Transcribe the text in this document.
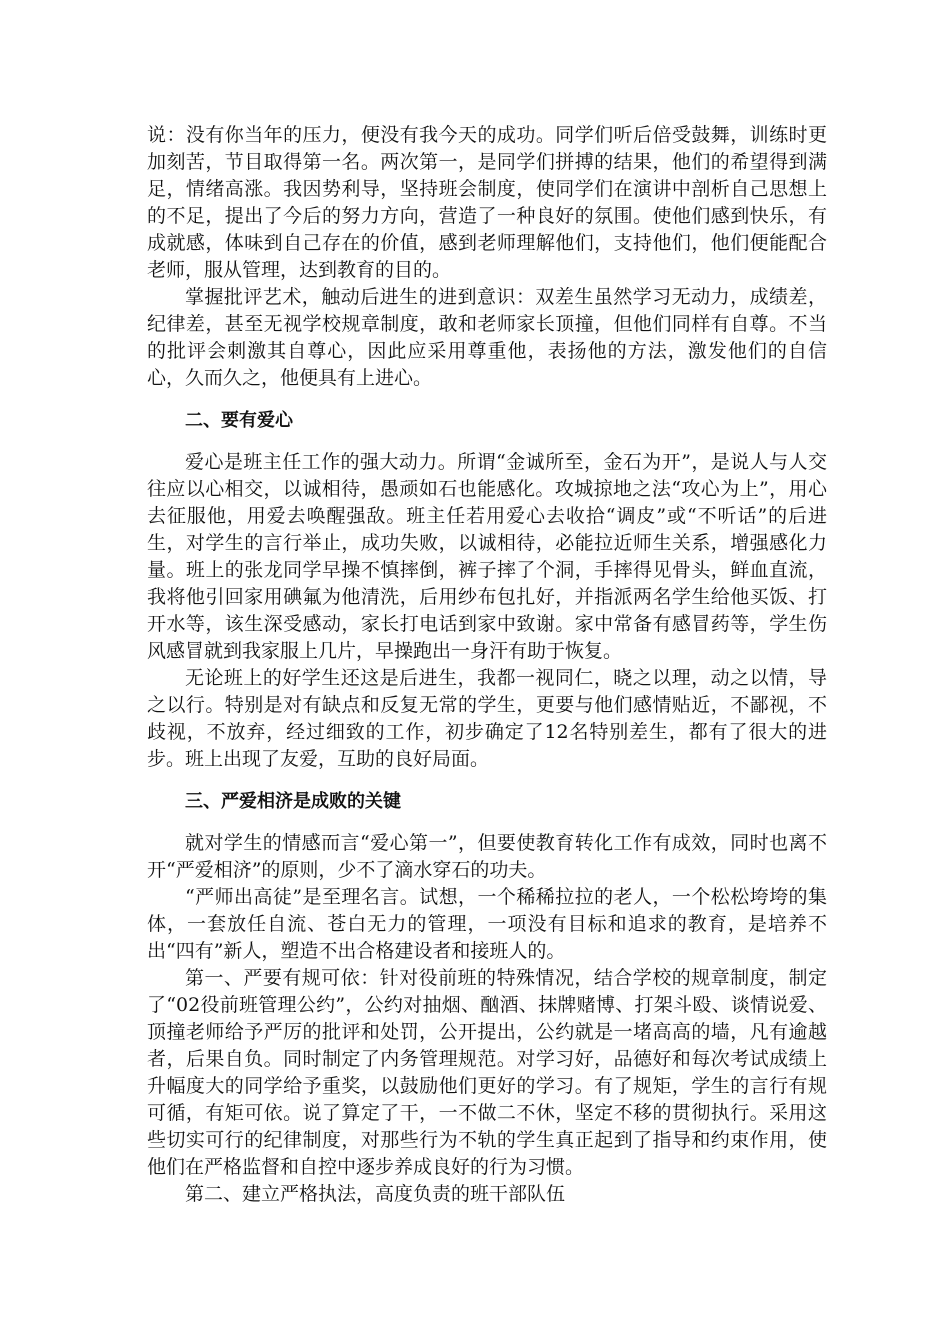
说：没有你当年的压力，便没有我今天的成功。同学们听后倍受鼓舞，训练时更加刻苦，节目取得第一名。两次第一，是同学们拼搏的结果，他们的希望得到满足，情绪高涨。我因势利导，坚持班会制度，使同学们在演讲中剖析自己思想上的不足，提出了今后的努力方向，营造了一种良好的氛围。使他们感到快乐，有成就感，体味到自己存在的价值，感到老师理解他们，支持他们，他们便能配合老师，服从管理，达到教育的目的。

掌握批评艺术，触动后进生的进到意识：双差生虽然学习无动力，成绩差，纪律差，甚至无视学校规章制度，敢和老师家长顶撞，但他们同样有自尊。不当的批评会刺激其自尊心，因此应采用尊重他，表扬他的方法，激发他们的自信心，久而久之，他便具有上进心。

二、要有爱心

爱心是班主任工作的强大动力。所谓“金诚所至，金石为开”，是说人与人交往应以心相交，以诚相待，愚顽如石也能感化。攻城掠地之法“攻心为上”，用心去征服他，用爱去唤醒强敌。班主任若用爱心去收拾“调皮”或“不听话”的后进生，对学生的言行举止，成功失败，以诚相待，必能拉近师生关系，增强感化力量。班上的张龙同学早操不慎摔倒，裤子摔了个洞，手摔得见骨头，鲜血直流，我将他引回家用碘氟为他清洗，后用纱布包扎好，并指派两名学生给他买饭、打开水等，该生深受感动，家长打电话到家中致谢。家中常备有感冒药等，学生伤风感冒就到我家服上几片，早操跑出一身汗有助于恢复。

无论班上的好学生还这是后进生，我都一视同仁，晓之以理，动之以情，导之以行。特别是对有缺点和反复无常的学生，更要与他们感情贴近，不鄙视，不歧视，不放弃，经过细致的工作，初步确定了12名特别差生，都有了很大的进步。班上出现了友爱，互助的良好局面。

三、严爱相济是成败的关键

就对学生的情感而言“爱心第一”，但要使教育转化工作有成效，同时也离不开“严爱相济”的原则，少不了滴水穿石的功夫。

“严师出高徒”是至理名言。试想，一个稀稀拉拉的老人，一个松松垮垮的集体，一套放任自流、苍白无力的管理，一项没有目标和追求的教育，是培养不出“四有”新人，塑造不出合格建设者和接班人的。

第一、严要有规可依：针对役前班的特殊情况，结合学校的规章制度，制定了“02役前班管理公约”，公约对抽烟、酗酒、抹牌赌博、打架斗殴、谈情说爱、顶撞老师给予严厉的批评和处罚，公开提出，公约就是一堵高高的墙，凡有逾越者，后果自负。同时制定了内务管理规范。对学习好，品德好和每次考试成绩上升幅度大的同学给予重奖，以鼓励他们更好的学习。有了规矩，学生的言行有规可循，有矩可依。说了算定了干，一不做二不休，坚定不移的贯彻执行。采用这些切实可行的纪律制度，对那些行为不轨的学生真正起到了指导和约束作用，使他们在严格监督和自控中逐步养成良好的行为习惯。

第二、建立严格执法，高度负责的班干部队伍
